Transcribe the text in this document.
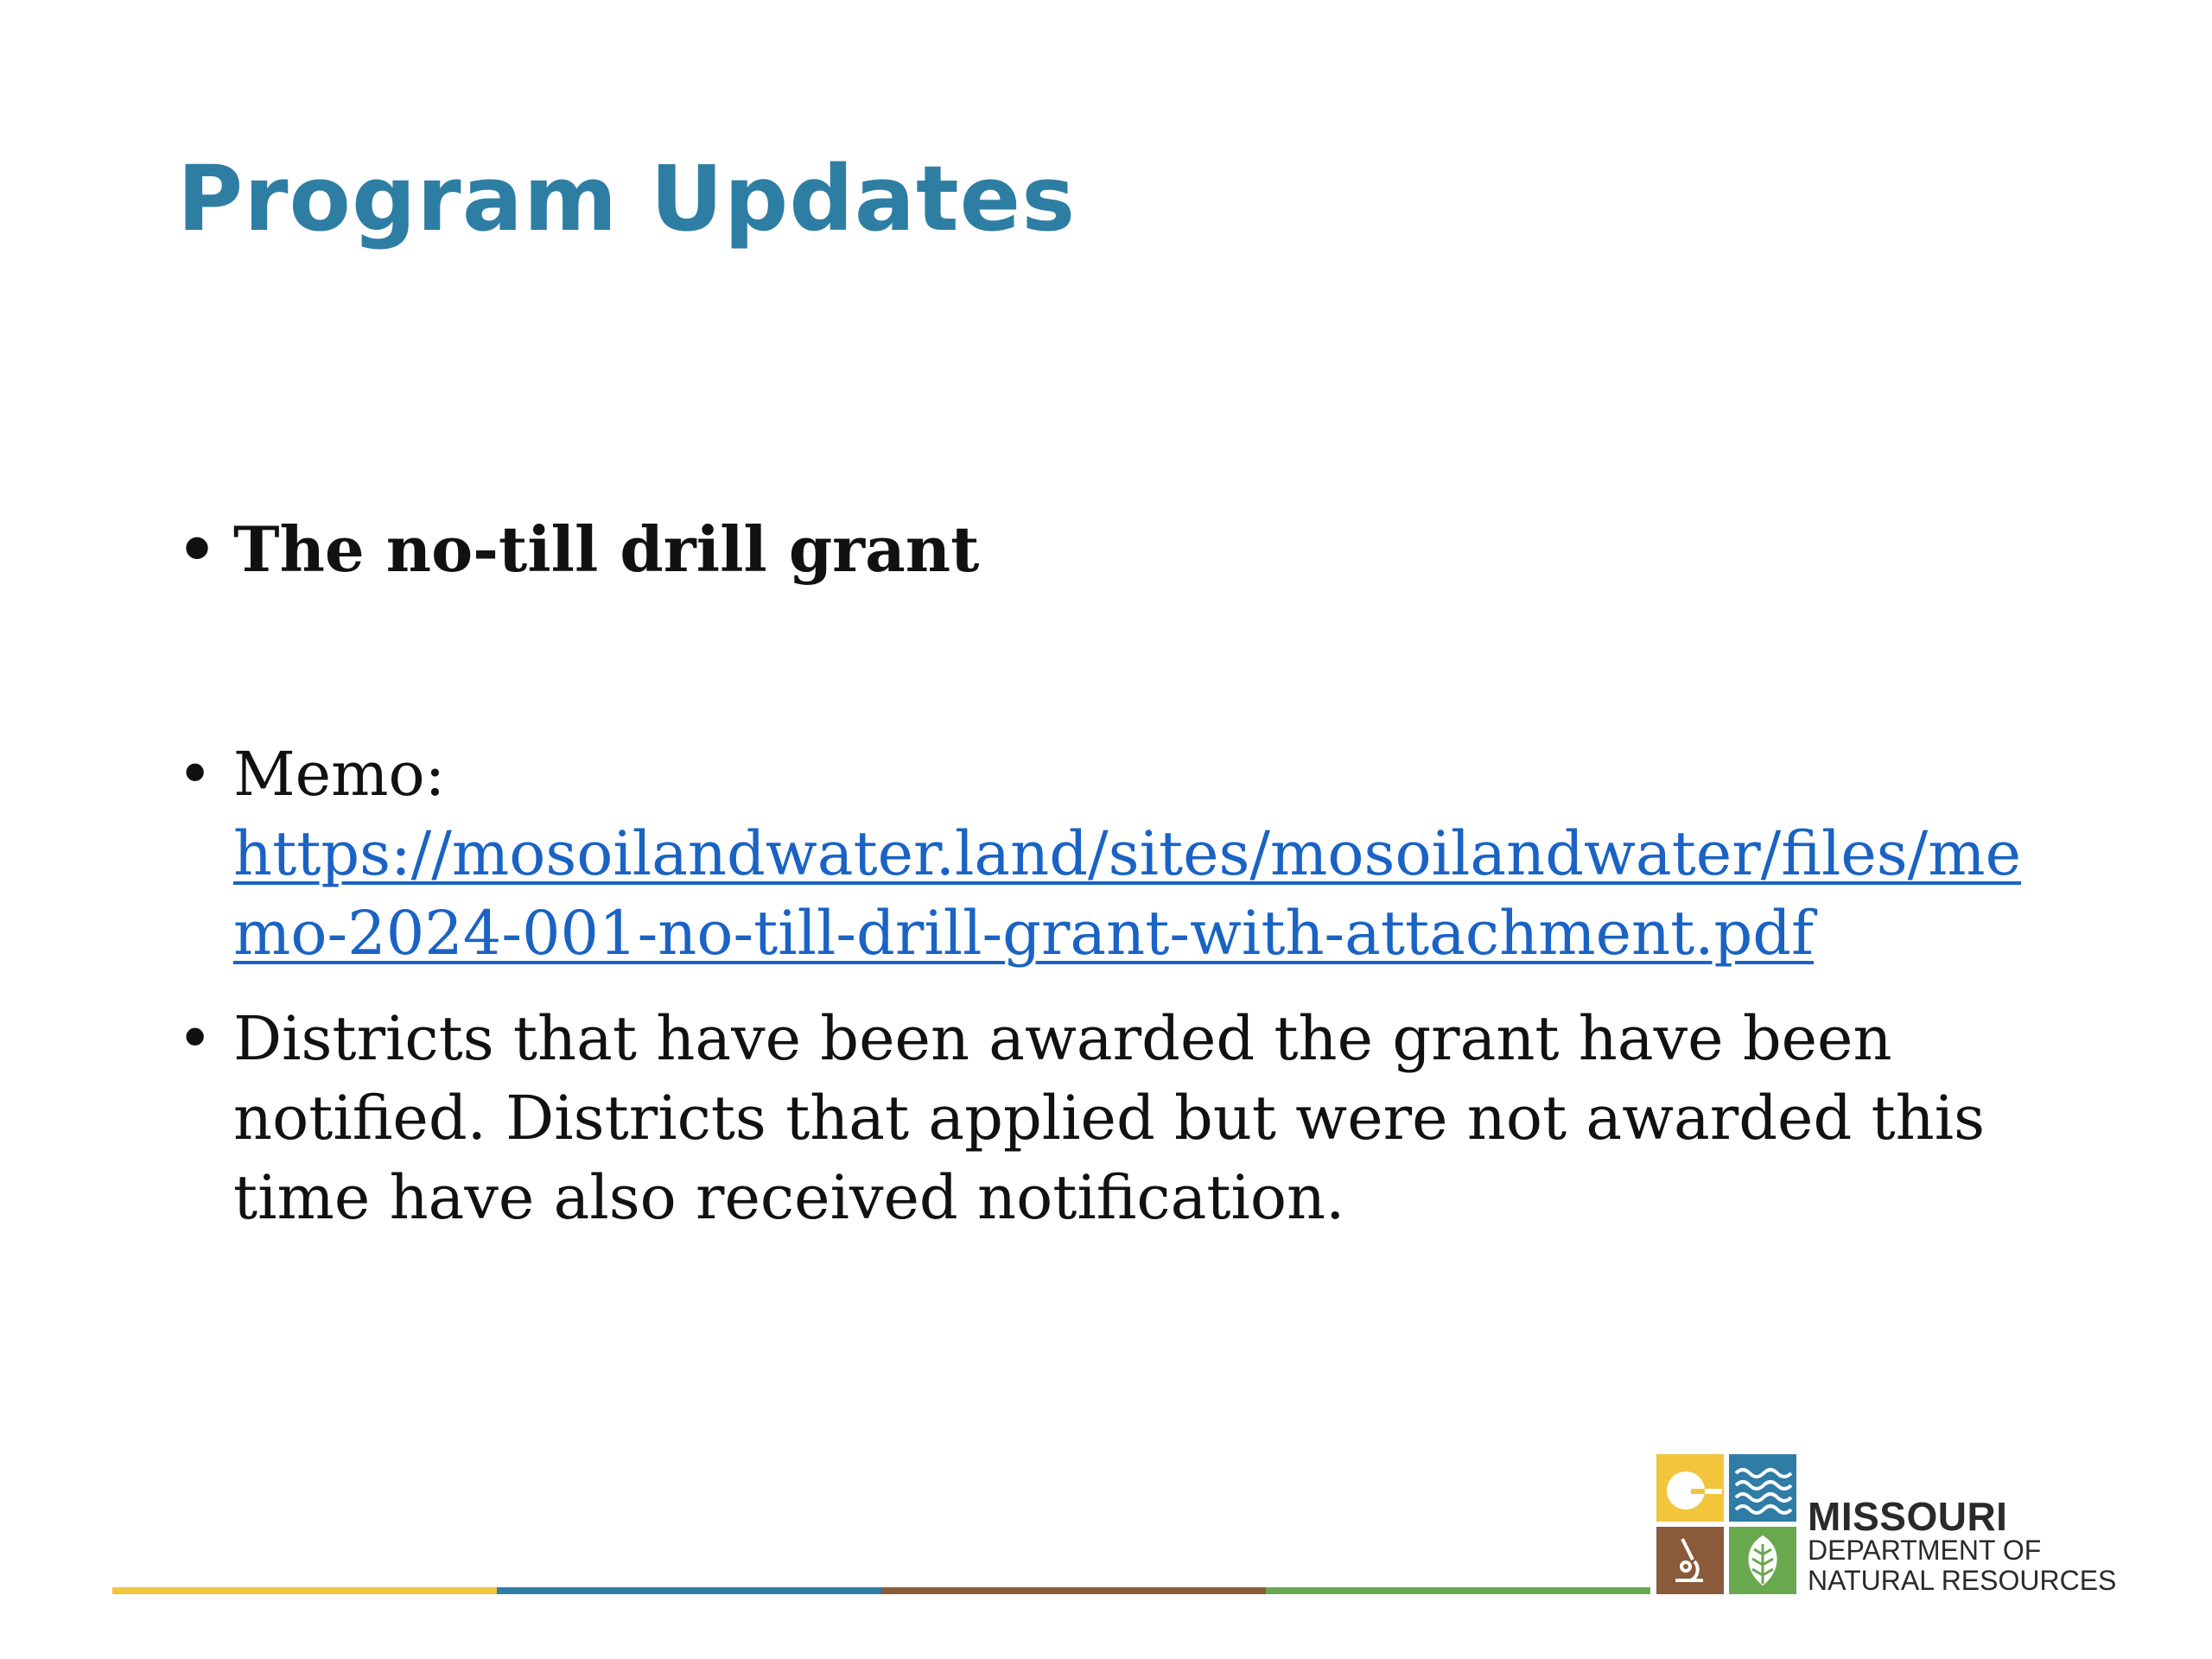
Program Updates
• The no-till drill grant
• Memo:
https://mosoilandwater.land/sites/mosoilandwater/files/memo-2024-001-no-till-drill-grant-with-attachment.pdf
• Districts that have been awarded the grant have been notified. Districts that applied but were not awarded this time have also received notification.
MISSOURI
DEPARTMENT OF
NATURAL RESOURCES
